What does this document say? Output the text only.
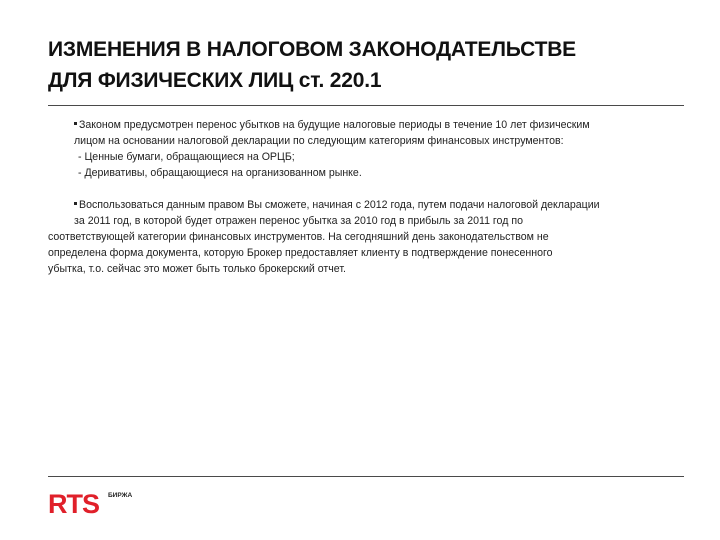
ИЗМЕНЕНИЯ В НАЛОГОВОМ ЗАКОНОДАТЕЛЬСТВЕ
ДЛЯ ФИЗИЧЕСКИХ ЛИЦ ст. 220.1
Законом предусмотрен перенос убытков на будущие налоговые периоды в течение 10 лет физическим
лицом на основании налоговой декларации по следующим категориям финансовых инструментов:
- Ценные бумаги, обращающиеся на ОРЦБ;
- Деривативы, обращающиеся на организованном рынке.
Воспользоваться данным правом Вы сможете, начиная с 2012 года, путем подачи налоговой декларации
за 2011 год, в которой будет отражен перенос убытка за 2010 год в прибыль за 2011 год по
соответствующей категории финансовых инструментов. На сегодняшний день законодательством не
определена форма документа, которую Брокер предоставляет клиенту в подтверждение понесенного
убытка, т.о. сейчас это может быть только брокерский отчет.
RTS БИРЖА
